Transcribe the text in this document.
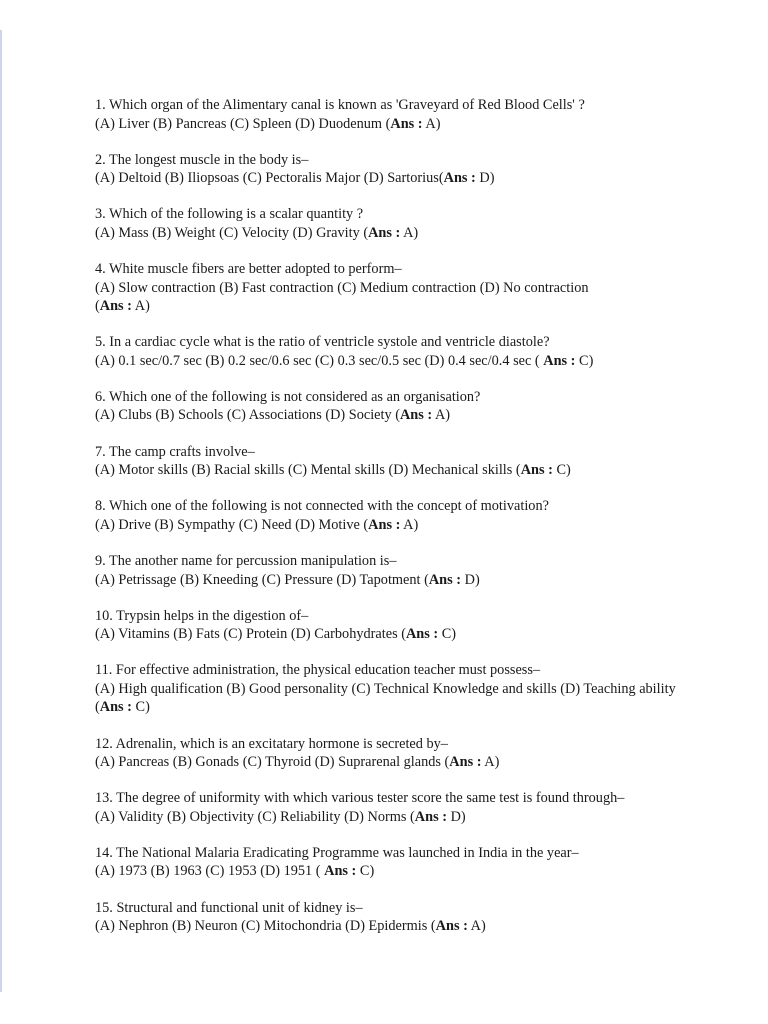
1. Which organ of the Alimentary canal is known as 'Graveyard of Red Blood Cells' ?

(A) Liver (B) Pancreas (C) Spleen (D) Duodenum (Ans : A)

2. The longest muscle in the body is–

(A) Deltoid (B) Iliopsoas (C) Pectoralis Major (D) Sartorius(Ans : D)

3. Which of the following is a scalar quantity ?

(A) Mass (B) Weight (C) Velocity (D) Gravity (Ans : A)

4. White muscle fibers are better adopted to perform–

(A) Slow contraction (B) Fast contraction (C) Medium contraction (D) No contraction

(Ans : A)

5. In a cardiac cycle what is the ratio of ventricle systole and ventricle diastole?

(A) 0.1 sec/0.7 sec (B) 0.2 sec/0.6 sec (C) 0.3 sec/0.5 sec (D) 0.4 sec/0.4 sec ( Ans : C)

6. Which one of the following is not considered as an organisation?

(A) Clubs (B) Schools (C) Associations (D) Society (Ans : A)

7. The camp crafts involve–

(A) Motor skills (B) Racial skills (C) Mental skills (D) Mechanical skills (Ans : C)

8. Which one of the following is not connected with the concept of motivation?

(A) Drive (B) Sympathy (C) Need (D) Motive (Ans : A)

9. The another name for percussion manipulation is–

(A) Petrissage (B) Kneeding (C) Pressure (D) Tapotment (Ans : D)

10. Trypsin helps in the digestion of–

(A) Vitamins (B) Fats (C) Protein (D) Carbohydrates (Ans : C)

11. For effective administration, the physical education teacher must possess–

(A) High qualification (B) Good personality (C) Technical Knowledge and skills (D) Teaching ability (Ans : C)

12. Adrenalin, which is an excitatary hormone is secreted by–

(A) Pancreas (B) Gonads (C) Thyroid (D) Suprarenal glands (Ans : A)

13. The degree of uniformity with which various tester score the same test is found through–

(A) Validity (B) Objectivity (C) Reliability (D) Norms (Ans : D)

14. The National Malaria Eradicating Programme was launched in India in the year–

(A) 1973 (B) 1963 (C) 1953 (D) 1951 ( Ans : C)

15. Structural and functional unit of kidney is–

(A) Nephron (B) Neuron (C) Mitochondria (D) Epidermis (Ans : A)
